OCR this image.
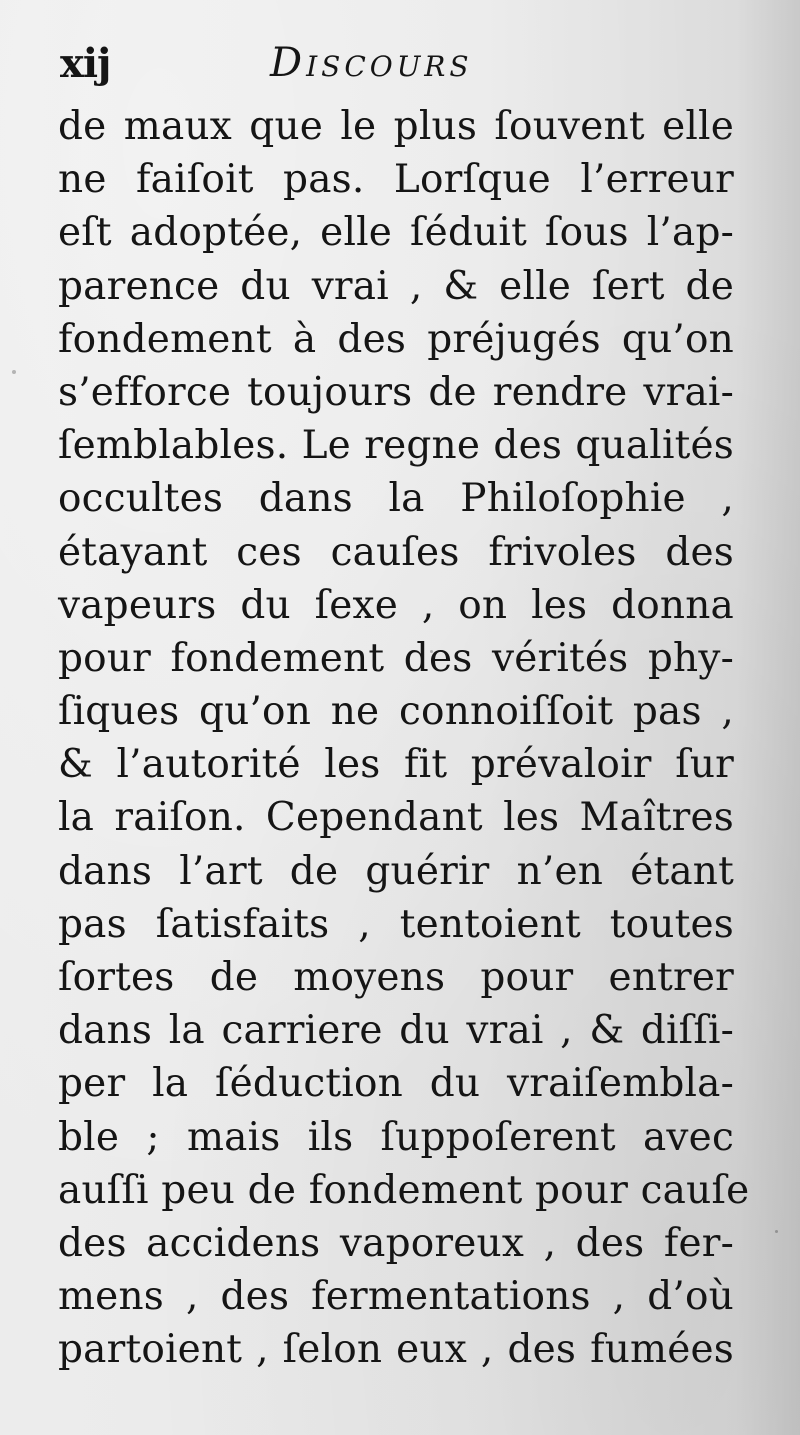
xij	Discours
de maux que le plus ſouvent elle
ne faiſoit pas. Lorſque l’erreur
eſt adoptée, elle ſéduit ſous l’ap-
parence du vrai , & elle ſert de
fondement à des préjugés qu’on
s’efforce toujours de rendre vrai-
ſemblables. Le regne des qualités
occultes dans la Philoſophie ,
étayant ces cauſes frivoles des
vapeurs du ſexe , on les donna
pour fondement des vérités phy-
ſiques qu’on ne connoiſſoit pas ,
& l’autorité les fit prévaloir ſur
la raiſon. Cependant les Maîtres
dans l’art de guérir n’en étant
pas ſatisfaits , tentoient toutes
ſortes de moyens pour entrer
dans la carriere du vrai , & diſſi-
per la ſéduction du vraiſembla-
ble ; mais ils ſuppoſerent avec
auſſi peu de fondement pour cauſe
des accidens vaporeux , des fer-
mens , des fermentations , d’où
partoient , ſelon eux , des fumées
